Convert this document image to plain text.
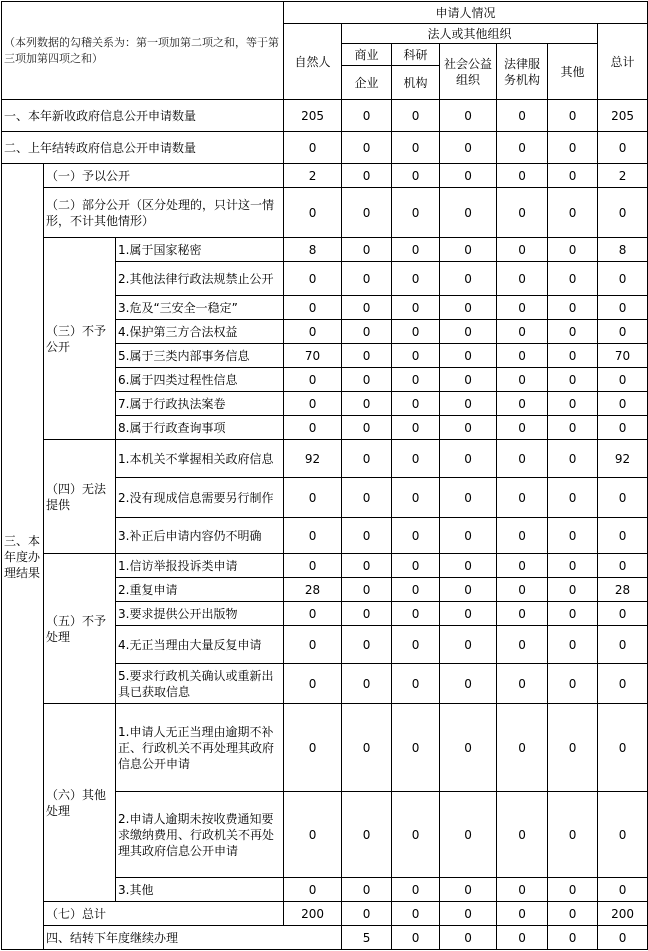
（本列数据的勾稽关系为：第一项加第二项之和，等于第三项加第四项之和）			申请人情况							
			自然人	法人或其他组织					总计	
				商业	科研	社会公益组织	法律服务机构	其他		
				企业	机构					
一、本年新收政府信息公开申请数量			205	0	0	0	0	0	205	
二、上年结转政府信息公开申请数量			0	0	0	0	0	0	0	
三、本年度办理结果	（一）予以公开		2	0	0	0	0	0	2	
	（二）部分公开（区分处理的，只计这一情形，不计其他情形）		0	0	0	0	0	0	0	
	（三）不予公开	1.属于国家秘密	8	0	0	0	0	0	8	
		2.其他法律行政法规禁止公开	0	0	0	0	0	0	0	
		3.危及“三安全一稳定”	0	0	0	0	0	0	0	
		4.保护第三方合法权益	0	0	0	0	0	0	0	
		5.属于三类内部事务信息	70	0	0	0	0	0	70	
		6.属于四类过程性信息	0	0	0	0	0	0	0	
		7.属于行政执法案卷	0	0	0	0	0	0	0	
		8.属于行政查询事项	0	0	0	0	0	0	0	
	（四）无法提供	1.本机关不掌握相关政府信息	92	0	0	0	0	0	92	
		2.没有现成信息需要另行制作	0	0	0	0	0	0	0	
		3.补正后申请内容仍不明确	0	0	0	0	0	0	0	
	（五）不予处理	1.信访举报投诉类申请	0	0	0	0	0	0	0	
		2.重复申请	28	0	0	0	0	0	28	
		3.要求提供公开出版物	0	0	0	0	0	0	0	
		4.无正当理由大量反复申请	0	0	0	0	0	0	0	
		5.要求行政机关确认或重新出具已获取信息	0	0	0	0	0	0	0	
	（六）其他处理	1.申请人无正当理由逾期不补正、行政机关不再处理其政府信息公开申请	0	0	0	0	0	0	0	
		2.申请人逾期未按收费通知要求缴纳费用、行政机关不再处理其政府信息公开申请	0	0	0	0	0	0	0	
		3.其他	0	0	0	0	0	0	0	
	（七）总计		200	0	0	0	0	0	200	
	四、结转下年度继续办理			5	0	0	0	0	0	
